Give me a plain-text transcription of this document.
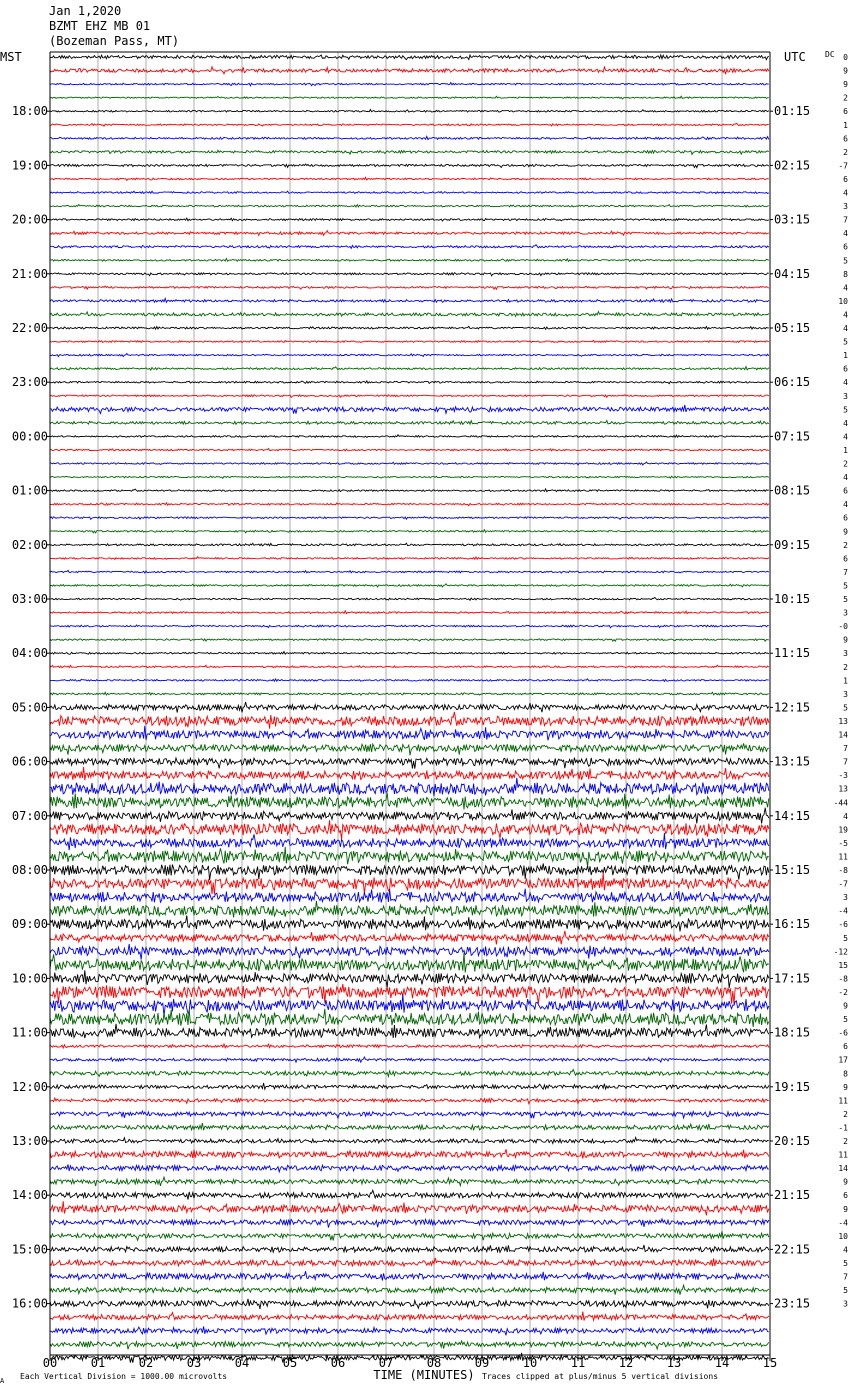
Jan 1,2020
BZMT EHZ MB 01
(Bozeman Pass, MT)
MST	UTC DC
18:00
19:00
20:00
21:00
22:00
23:00
00:00
01:00
02:00
03:00
04:00
05:00
06:00
07:00
08:00
09:00
10:00
11:00
12:00
13:00
14:00
15:00
16:00
01:15
02:15
03:15
04:15
05:15
06:15
07:15
08:15
09:15
10:15
11:15
12:15
13:15
14:15
15:15
16:15
17:15
18:15
19:15
20:15
21:15
22:15
23:15
0
9
9
2
6
1
6
2
-7
6
4
3
7
4
6
5
8
4
10
4
4
5
1
6
4
3
5
4
4
1
2
4
6
4
6
9
2
6
7
5
5
3
-0
9
3
2
1
3
5
13
14
7
7
-3
13
-44
4
19
-5
11
-8
-7
3
-4
-6
5
-12
15
-8
-2
9
5
-6
6
17
8
9
11
2
-1
2
11
14
9
6
9
-4
10
4
5
7
5
3
00	01	02	03	04	05	06	07	08	09	10	11	12	13	14	15
TIME (MINUTES)
Each Vertical Division = 1000.00 microvolts	Traces clipped at plus/minus 5 vertical divisions
A
